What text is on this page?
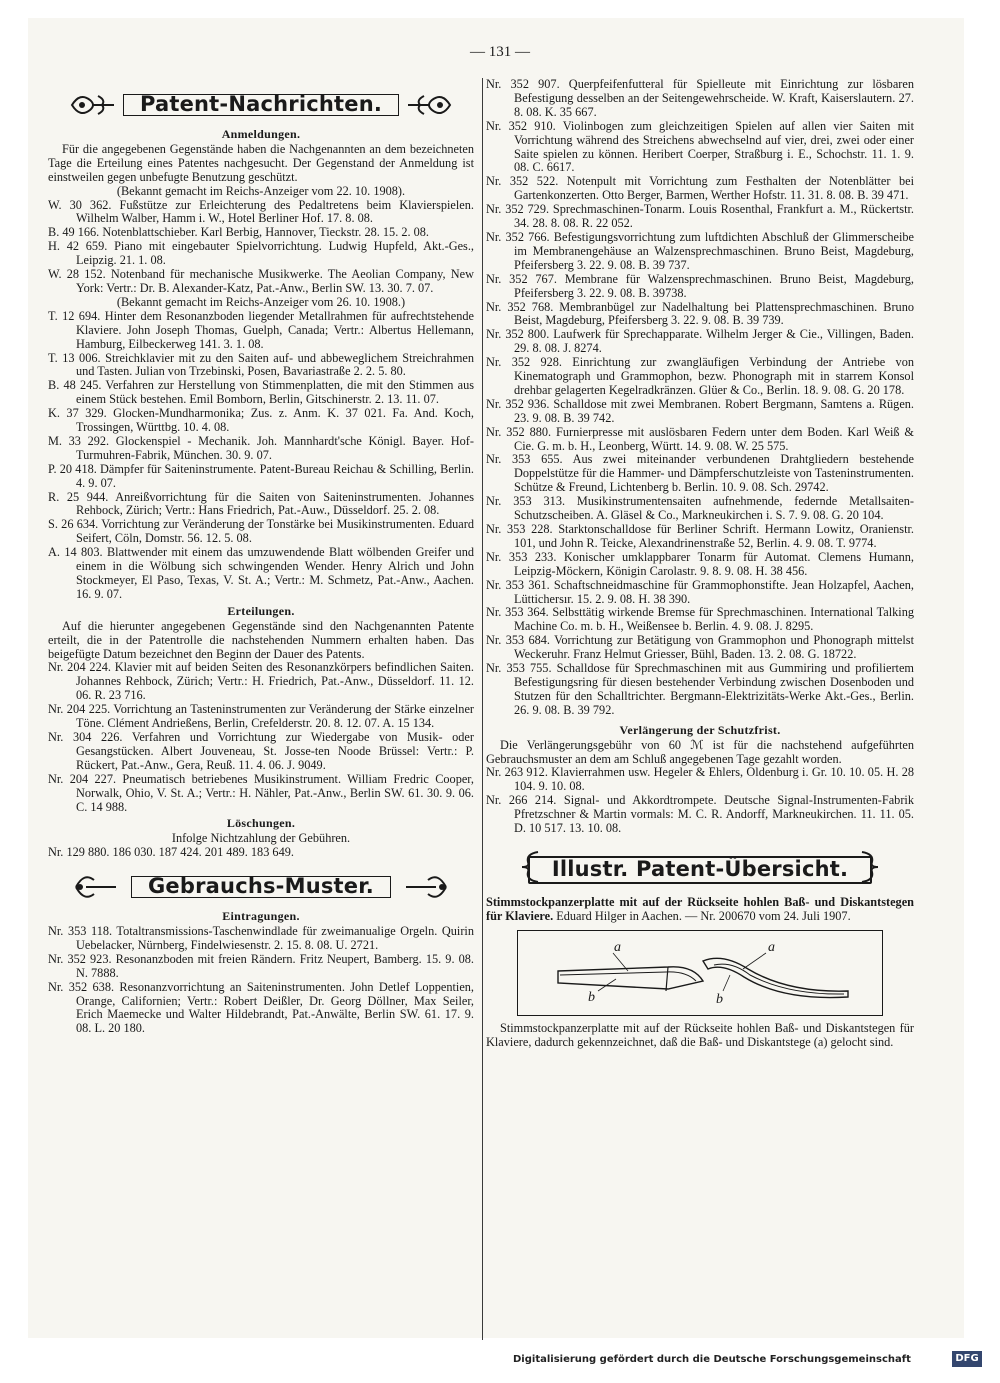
— 131 —
Patent-Nachrichten.
Anmeldungen.

Für die angegebenen Gegenstände haben die Nachgenannten an dem bezeichneten Tage die Erteilung eines Patentes nachgesucht. Der Gegenstand der Anmeldung ist einstweilen gegen unbefugte Benutzung geschützt.

(Bekannt gemacht im Reichs-Anzeiger vom 22. 10. 1908).

W. 30 362. Fußstütze zur Erleichterung des Pedaltretens beim Klavierspielen. Wilhelm Walber, Hamm i. W., Hotel Berliner Hof. 17. 8. 08.

B. 49 166. Notenblattschieber. Karl Berbig, Hannover, Tieckstr. 28. 15. 2. 08.

H. 42 659. Piano mit eingebauter Spielvorrichtung. Ludwig Hupfeld, Akt.-Ges., Leipzig. 21. 1. 08.

W. 28 152. Notenband für mechanische Musikwerke. The Aeolian Company, New York: Vertr.: Dr. B. Alexander-Katz, Pat.-Anw., Berlin SW. 13. 30. 7. 07.

(Bekannt gemacht im Reichs-Anzeiger vom 26. 10. 1908.)

T. 12 694. Hinter dem Resonanzboden liegender Metallrahmen für aufrechtstehende Klaviere. John Joseph Thomas, Guelph, Canada; Vertr.: Albertus Hellemann, Hamburg, Eilbeckerweg 141. 3. 1. 08.

T. 13 006. Streichklavier mit zu den Saiten auf- und abbeweglichem Streichrahmen und Tasten. Julian von Trzebinski, Posen, Bavariastraße 2. 2. 5. 80.

B. 48 245. Verfahren zur Herstellung von Stimmenplatten, die mit den Stimmen aus einem Stück bestehen. Emil Bomborn, Berlin, Gitschinerstr. 2. 13. 11. 07.

K. 37 329. Glocken-Mundharmonika; Zus. z. Anm. K. 37 021. Fa. And. Koch, Trossingen, Württbg. 10. 4. 08.

M. 33 292. Glockenspiel - Mechanik. Joh. Mannhardt'sche Königl. Bayer. Hof-Turmuhren-Fabrik, München. 30. 9. 07.

P. 20 418. Dämpfer für Saiteninstrumente. Patent-Bureau Reichau & Schilling, Berlin. 4. 9. 07.

R. 25 944. Anreißvorrichtung für die Saiten von Saiteninstrumenten. Johannes Rehbock, Zürich; Vertr.: Hans Friedrich, Pat.-Auw., Düsseldorf. 25. 2. 08.

S. 26 634. Vorrichtung zur Veränderung der Tonstärke bei Musikinstrumenten. Eduard Seifert, Cöln, Domstr. 56. 12. 5. 08.

A. 14 803. Blattwender mit einem das umzuwendende Blatt wölbenden Greifer und einem in die Wölbung sich schwingenden Wender. Henry Alrich und John Stockmeyer, El Paso, Texas, V. St. A.; Vertr.: M. Schmetz, Pat.-Anw., Aachen. 16. 9. 07.

Erteilungen.

Auf die hierunter angegebenen Gegenstände sind den Nachgenannten Patente erteilt, die in der Patentrolle die nachstehenden Nummern erhalten haben. Das beigefügte Datum bezeichnet den Beginn der Dauer des Patents.

Nr. 204 224. Klavier mit auf beiden Seiten des Resonanzkörpers befindlichen Saiten. Johannes Rehbock, Zürich; Vertr.: H. Friedrich, Pat.-Anw., Düsseldorf. 11. 12. 06. R. 23 716.

Nr. 204 225. Vorrichtung an Tasteninstrumenten zur Veränderung der Stärke einzelner Töne. Clément Andrießens, Berlin, Crefelderstr. 20. 8. 12. 07. A. 15 134.

Nr. 304 226. Verfahren und Vorrichtung zur Wiedergabe von Musik- oder Gesangstücken. Albert Jouveneau, St. Josse-ten Noode Brüssel: Vertr.: P. Rückert, Pat.-Anw., Gera, Reuß. 11. 4. 06. J. 9049.

Nr. 204 227. Pneumatisch betriebenes Musikinstrument. William Fredric Cooper, Norwalk, Ohio, V. St. A.; Vertr.: H. Nähler, Pat.-Anw., Berlin SW. 61. 30. 9. 06. C. 14 988.

Löschungen.

Infolge Nichtzahlung der Gebühren.

Nr. 129 880. 186 030. 187 424. 201 489. 183 649.

Gebrauchs-Muster.
Eintragungen.

Nr. 353 118. Totaltransmissions-Taschenwindlade für zweimanualige Orgeln. Quirin Uebelacker, Nürnberg, Findelwiesenstr. 2. 15. 8. 08. U. 2721.

Nr. 352 923. Resonanzboden mit freien Rändern. Fritz Neupert, Bamberg. 15. 9. 08. N. 7888.

Nr. 352 638. Resonanzvorrichtung an Saiteninstrumenten. John Detlef Loppentien, Orange, Californien; Vertr.: Robert Deißler, Dr. Georg Döllner, Max Seiler, Erich Maemecke und Walter Hildebrandt, Pat.-Anwälte, Berlin SW. 61. 17. 9. 08. L. 20 180.

Nr. 352 907. Querpfeifenfutteral für Spielleute mit Einrichtung zur lösbaren Befestigung desselben an der Seitengewehrscheide. W. Kraft, Kaiserslautern. 27. 8. 08. K. 35 667.

Nr. 352 910. Violinbogen zum gleichzeitigen Spielen auf allen vier Saiten mit Vorrichtung während des Streichens abwechselnd auf vier, drei, zwei oder einer Saite spielen zu können. Heribert Coerper, Straßburg i. E., Schochstr. 11. 1. 9. 08. C. 6617.

Nr. 352 522. Notenpult mit Vorrichtung zum Festhalten der Notenblätter bei Gartenkonzerten. Otto Berger, Barmen, Werther Hofstr. 11. 31. 8. 08. B. 39 471.

Nr. 352 729. Sprechmaschinen-Tonarm. Louis Rosenthal, Frankfurt a. M., Rückertstr. 34. 28. 8. 08. R. 22 052.

Nr. 352 766. Befestigungsvorrichtung zum luftdichten Abschluß der Glimmerscheibe im Membranengehäuse an Walzensprechmaschinen. Bruno Beist, Magdeburg, Pfeifersberg 3. 22. 9. 08. B. 39 737.

Nr. 352 767. Membrane für Walzensprechmaschinen. Bruno Beist, Magdeburg, Pfeifersberg 3. 22. 9. 08. B. 39738.

Nr. 352 768. Membranbügel zur Nadelhaltung bei Plattensprechmaschinen. Bruno Beist, Magdeburg, Pfeifersberg 3. 22. 9. 08. B. 39 739.

Nr. 352 800. Laufwerk für Sprechapparate. Wilhelm Jerger & Cie., Villingen, Baden. 29. 8. 08. J. 8274.

Nr. 352 928. Einrichtung zur zwangläufigen Verbindung der Antriebe von Kinematograph und Grammophon, bezw. Phonograph mit in starrem Konsol drehbar gelagerten Kegelradkränzen. Glüer & Co., Berlin. 18. 9. 08. G. 20 178.

Nr. 352 936. Schalldose mit zwei Membranen. Robert Bergmann, Samtens a. Rügen. 23. 9. 08. B. 39 742.

Nr. 352 880. Furnierpresse mit auslösbaren Federn unter dem Boden. Karl Weiß & Cie. G. m. b. H., Leonberg, Württ. 14. 9. 08. W. 25 575.

Nr. 353 655. Aus zwei miteinander verbundenen Drahtgliedern bestehende Doppelstütze für die Hammer- und Dämpferschutzleiste von Tasteninstrumenten. Schütze & Freund, Lichtenberg b. Berlin. 10. 9. 08. Sch. 29742.

Nr. 353 313. Musikinstrumentensaiten aufnehmende, federnde Metallsaiten-Schutzscheiben. A. Gläsel & Co., Markneukirchen i. S. 7. 9. 08. G. 20 104.

Nr. 353 228. Starktonschalldose für Berliner Schrift. Hermann Lowitz, Oranienstr. 101, und John R. Teicke, Alexandrinenstraße 52, Berlin. 4. 9. 08. T. 9774.

Nr. 353 233. Konischer umklappbarer Tonarm für Automat. Clemens Humann, Leipzig-Möckern, Königin Carolastr. 9. 8. 9. 08. H. 38 456.

Nr. 353 361. Schaftschneidmaschine für Grammophonstifte. Jean Holzapfel, Aachen, Lüttichersır. 15. 2. 9. 08. H. 38 390.

Nr. 353 364. Selbsttätig wirkende Bremse für Sprechmaschinen. International Talking Machine Co. m. b. H., Weißensee b. Berlin. 4. 9. 08. J. 8295.

Nr. 353 684. Vorrichtung zur Betätigung von Grammophon und Phonograph mittelst Weckeruhr. Franz Helmut Griesser, Bühl, Baden. 13. 2. 08. G. 18722.

Nr. 353 755. Schalldose für Sprechmaschinen mit aus Gummiring und profiliertem Befestigungsring für diesen bestehender Verbindung zwischen Dosenboden und Stutzen für den Schalltrichter. Bergmann-Elektrizitäts-Werke Akt.-Ges., Berlin. 26. 9. 08. B. 39 792.

Verlängerung der Schutzfrist.

Die Verlängerungsgebühr von 60 ℳ ist für die nachstehend aufgeführten Gebrauchsmuster an dem am Schluß angegebenen Tage gezahlt worden.

Nr. 263 912. Klavierrahmen usw. Hegeler & Ehlers, Oldenburg i. Gr. 10. 10. 05. H. 28 104. 9. 10. 08.

Nr. 266 214. Signal- und Akkordtrompete. Deutsche Signal-Instrumenten-Fabrik Pfretzschner & Martin vormals: M. C. R. Andorff, Markneukirchen. 11. 11. 05. D. 10 517. 13. 10. 08.

Illustr. Patent-Übersicht.

Stimmstockpanzerplatte mit auf der Rückseite hohlen Baß- und Diskantstegen für Klaviere. Eduard Hilger in Aachen. — Nr. 200670 vom 24. Juli 1907.

a
b
a
b

Stimmstockpanzerplatte mit auf der Rückseite hohlen Baß- und Diskantstegen für Klaviere, dadurch gekennzeichnet, daß die Baß- und Diskantstege (a) gelocht sind.

Digitalisierung gefördert durch die Deutsche Forschungsgemeinschaft	DFG
